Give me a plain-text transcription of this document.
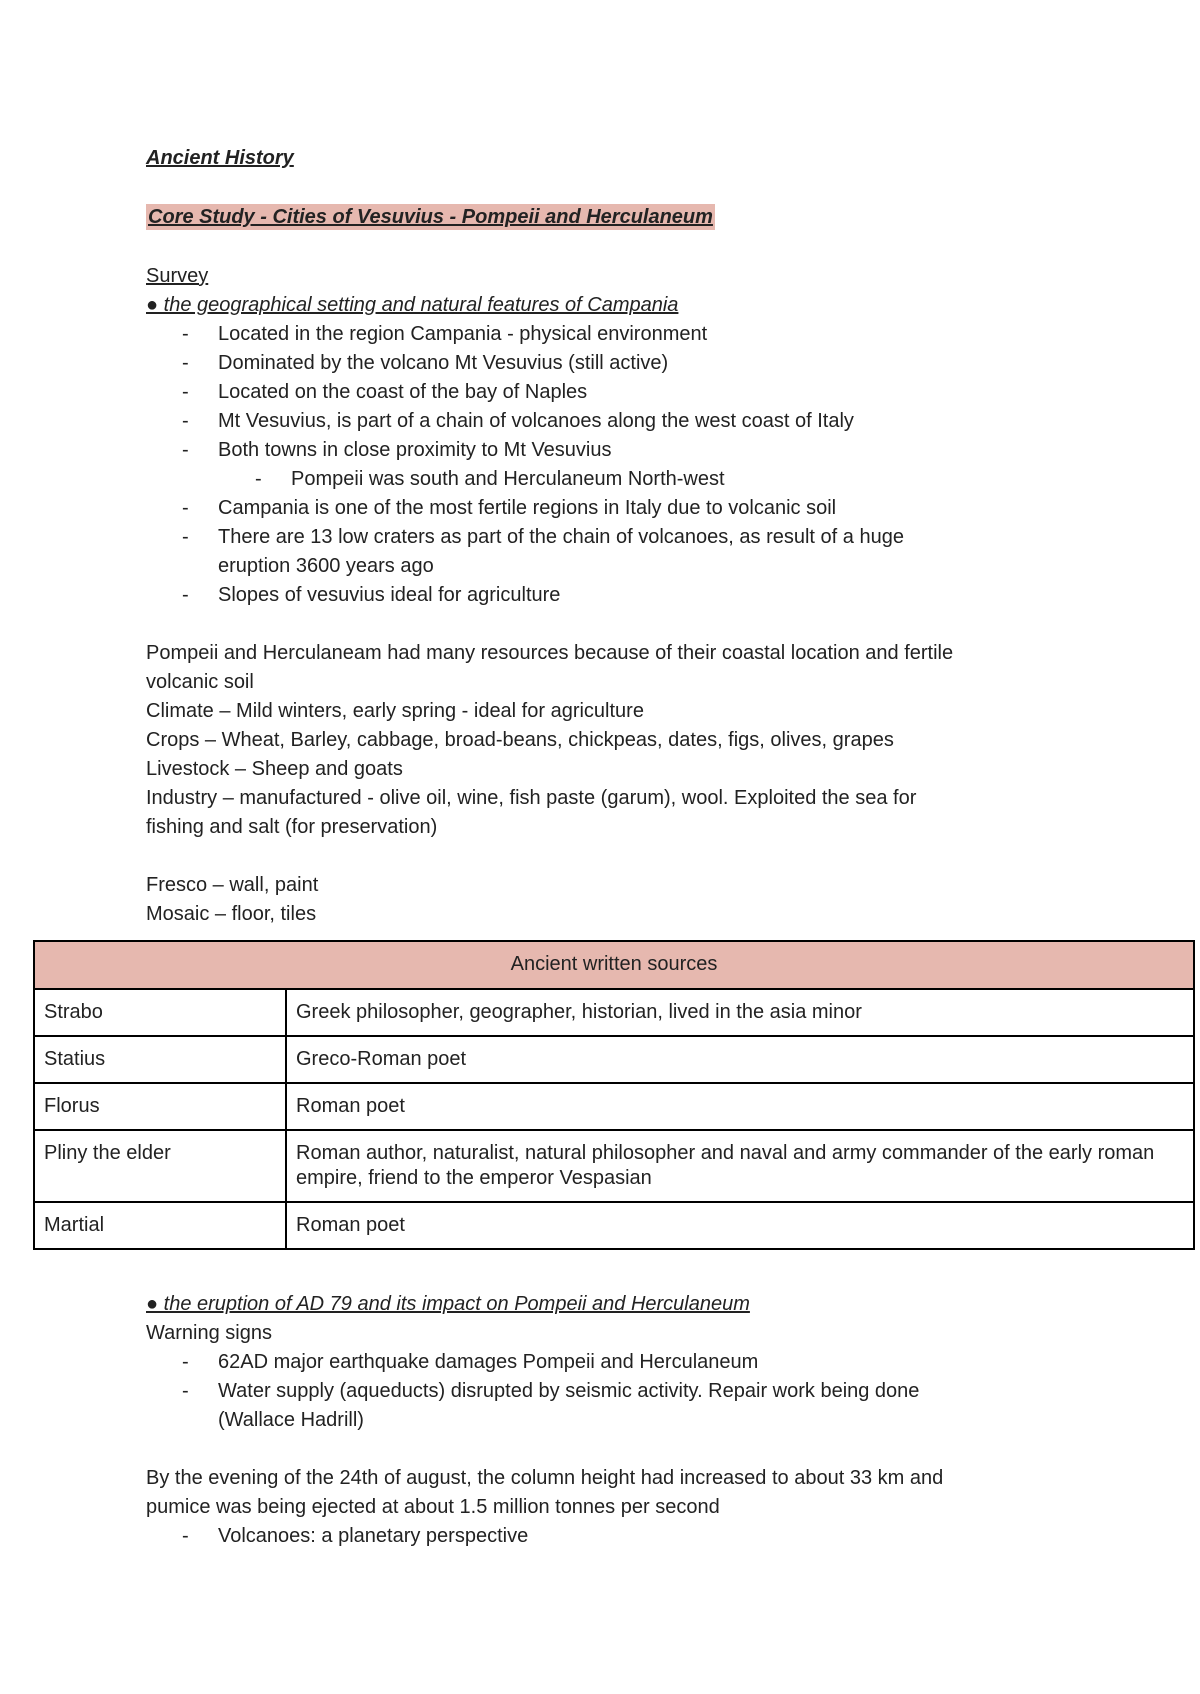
Ancient History
Core Study - Cities of Vesuvius - Pompeii and Herculaneum
Survey
● the geographical setting and natural features of Campania
- Located in the region Campania - physical environment
- Dominated by the volcano Mt Vesuvius (still active)
- Located on the coast of the bay of Naples
- Mt Vesuvius, is part of a chain of volcanoes along the west coast of Italy
- Both towns in close proximity to Mt Vesuvius
- Pompeii was south and Herculaneum North-west
- Campania is one of the most fertile regions in Italy due to volcanic soil
- There are 13 low craters as part of the chain of volcanoes, as result of a huge
eruption 3600 years ago
- Slopes of vesuvius ideal for agriculture
Pompeii and Herculaneam had many resources because of their coastal location and fertile
volcanic soil
Climate – Mild winters, early spring - ideal for agriculture
Crops – Wheat, Barley, cabbage, broad-beans, chickpeas, dates, figs, olives, grapes
Livestock – Sheep and goats
Industry – manufactured - olive oil, wine, fish paste (garum), wool. Exploited the sea for
fishing and salt (for preservation)
Fresco – wall, paint
Mosaic – floor, tiles
Ancient written sources	
Strabo	Greek philosopher, geographer, historian, lived in the asia minor
Statius	Greco-Roman poet
Florus	Roman poet
Pliny the elder	Roman author, naturalist, natural philosopher and naval and army commander of the early roman empire, friend to the emperor Vespasian
Martial	Roman poet
● the eruption of AD 79 and its impact on Pompeii and Herculaneum
Warning signs
- 62AD major earthquake damages Pompeii and Herculaneum
- Water supply (aqueducts) disrupted by seismic activity. Repair work being done
(Wallace Hadrill)
By the evening of the 24th of august, the column height had increased to about 33 km and
pumice was being ejected at about 1.5 million tonnes per second
- Volcanoes: a planetary perspective
